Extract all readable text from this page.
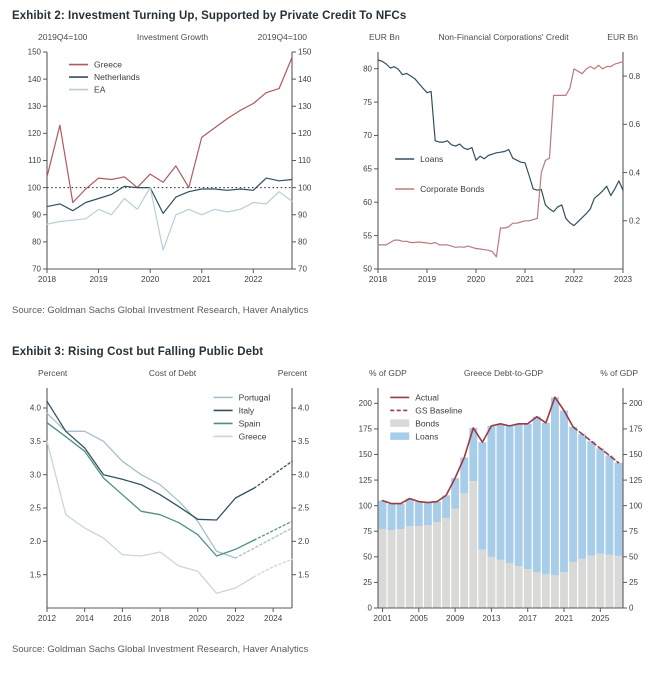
Exhibit 2: Investment Turning Up, Supported by Private Credit To NFCs
2019Q4=100	Investment Growth	2019Q4=100
70
80
90
100
110
120
130
140
150
70
80
90
100
110
120
130
140
150
2018	2019	2020	2021	2022
Greece
Netherlands
EA
EUR Bn	Non-Financial Corporations' Credit	EUR Bn
50
55
60
65
70
75
80
0.2
0.4
0.6
0.8
2018	2019	2020	2021	2022	2023
Loans
Corporate Bonds

Source: Goldman Sachs Global Investment Research, Haver Analytics

Exhibit 3: Rising Cost but Falling Public Debt
Percent	Cost of Debt	Percent
1.5
2.0
2.5
3.0
3.5
4.0
1.5
2.0
2.5
3.0
3.5
4.0
2012 2014 2016 2018 2020 2022 2024
Portugal
Italy
Spain
Greece
% of GDP	Greece Debt-to-GDP	% of GDP
0
25
50
75
100
125
150
175
200
0
25
50
75
100
125
150
175
200
2001 2005 2009 2013 2017 2021 2025
Actual
GS Baseline
Bonds
Loans

Source: Goldman Sachs Global Investment Research, Haver Analytics
